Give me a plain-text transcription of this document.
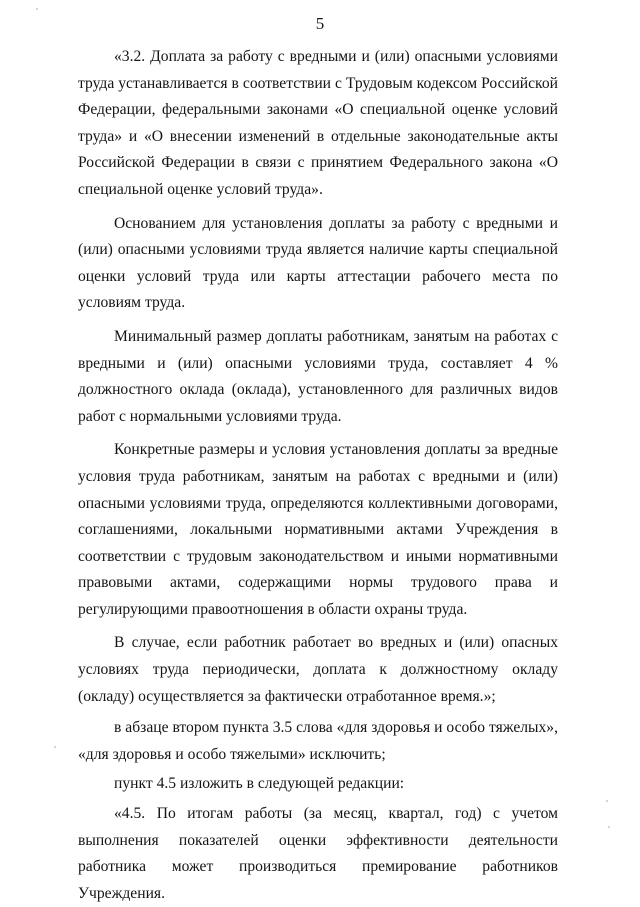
5

«3.2. Доплата за работу с вредными и (или) опасными условиями труда устанавливается в соответствии с Трудовым кодексом Российской Федерации, федеральными законами «О специальной оценке условий труда» и «О внесении изменений в отдельные законодательные акты Российской Федерации в связи с принятием Федерального закона «О специальной оценке условий труда».

Основанием для установления доплаты за работу с вредными и (или) опасными условиями труда является наличие карты специальной оценки условий труда или карты аттестации рабочего места по условиям труда.

Минимальный размер доплаты работникам, занятым на работах с вредными и (или) опасными условиями труда, составляет 4 % должностного оклада (оклада), установленного для различных видов работ с нормальными условиями труда.

Конкретные размеры и условия установления доплаты за вредные условия труда работникам, занятым на работах с вредными и (или) опасными условиями труда, определяются коллективными договорами, соглашениями, локальными нормативными актами Учреждения в соответствии с трудовым законодательством и иными нормативными правовыми актами, содержащими нормы трудового права и регулирующими правоотношения в области охраны труда.

В случае, если работник работает во вредных и (или) опасных условиях труда периодически, доплата к должностному окладу (окладу) осуществляется за фактически отработанное время.»;

в абзаце втором пункта 3.5 слова «для здоровья и особо тяжелых», «для здоровья и особо тяжелыми» исключить;

пункт 4.5 изложить в следующей редакции:

«4.5. По итогам работы (за месяц, квартал, год) с учетом выполнения показателей оценки эффективности деятельности работника может производиться премирование работников Учреждения.
